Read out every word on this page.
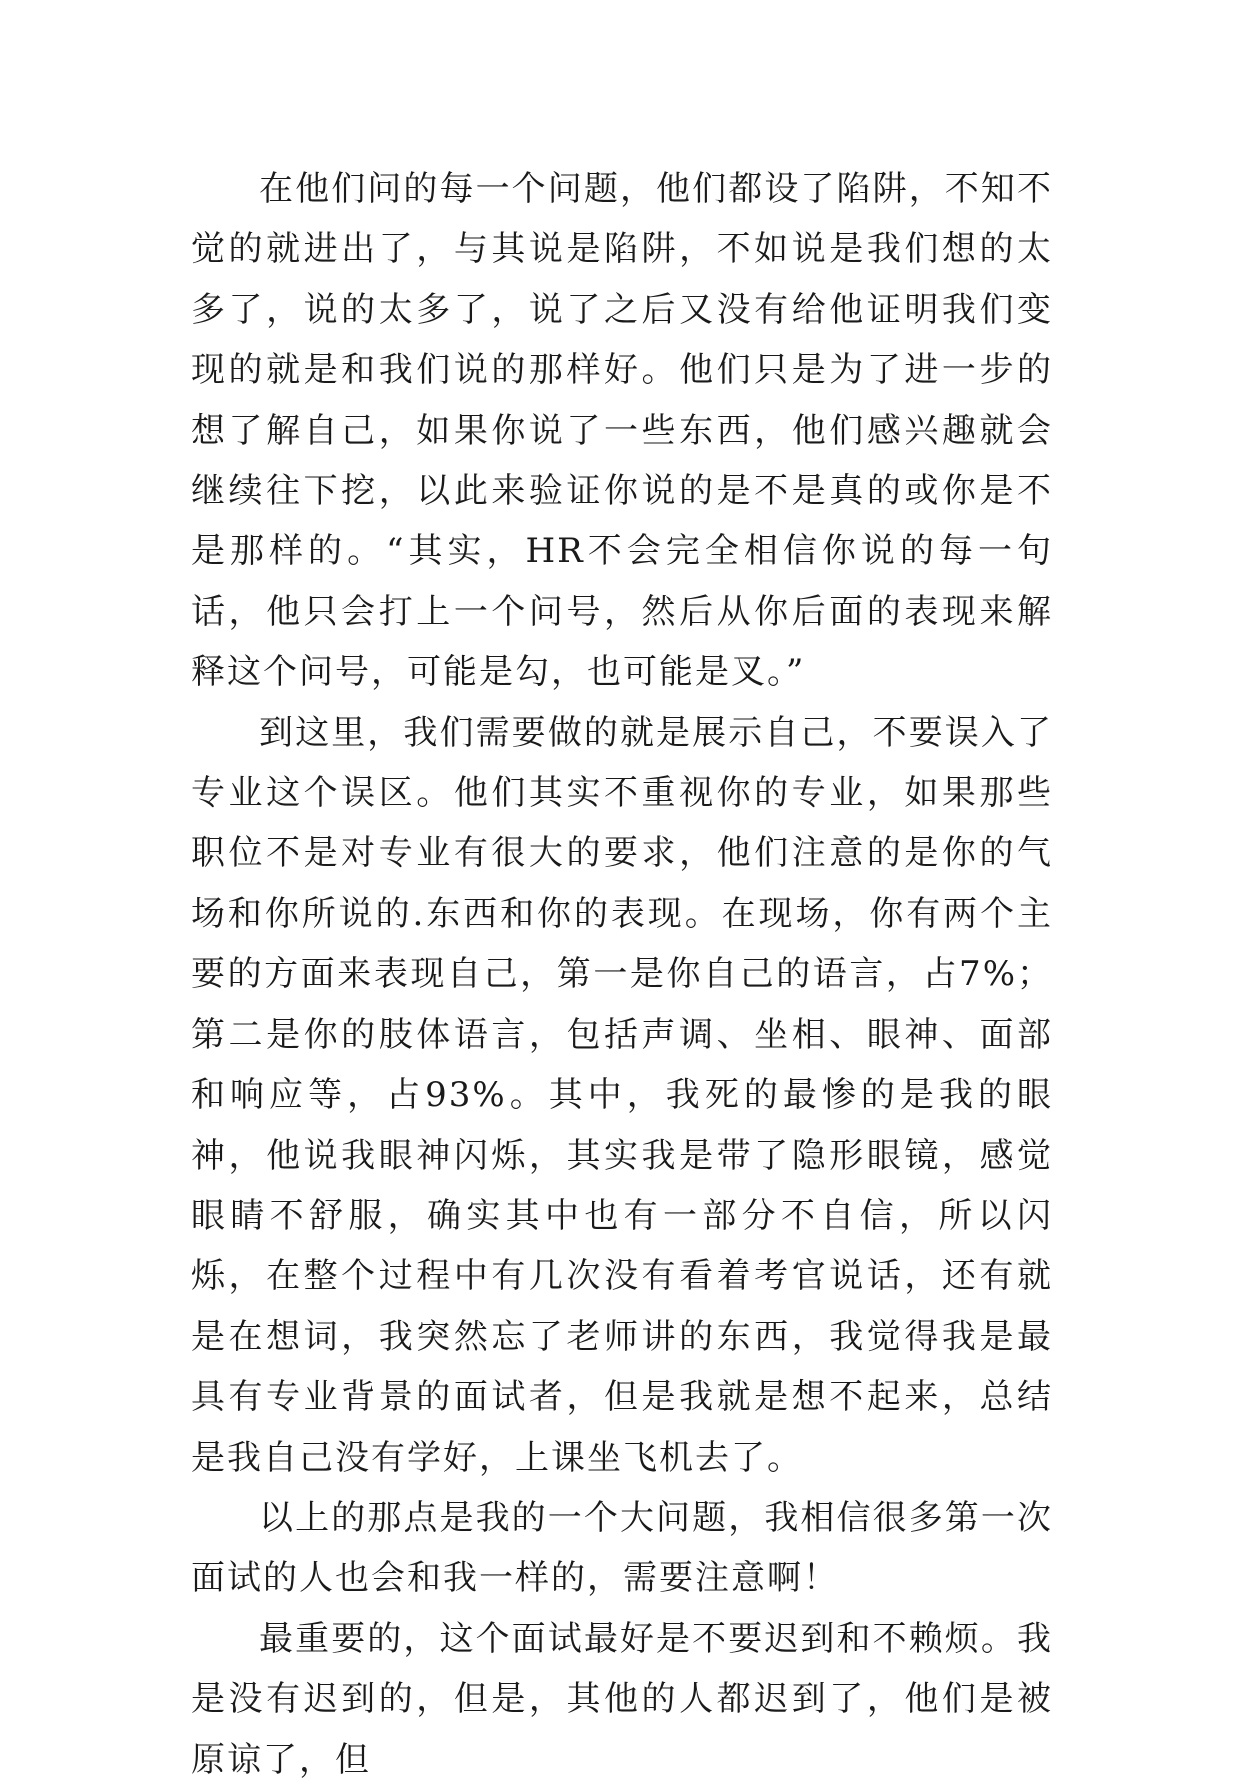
在他们问的每一个问题，他们都设了陷阱，不知不觉的就进出了，与其说是陷阱，不如说是我们想的太多了，说的太多了，说了之后又没有给他证明我们变现的就是和我们说的那样好。他们只是为了进一步的想了解自己，如果你说了一些东西，他们感兴趣就会继续往下挖，以此来验证你说的是不是真的或你是不是那样的。“其实，HR不会完全相信你说的每一句话，他只会打上一个问号，然后从你后面的表现来解释这个问号，可能是勾，也可能是叉。”

到这里，我们需要做的就是展示自己，不要误入了专业这个误区。他们其实不重视你的专业，如果那些职位不是对专业有很大的要求，他们注意的是你的气场和你所说的.东西和你的表现。在现场，你有两个主要的方面来表现自己，第一是你自己的语言，占7%；第二是你的肢体语言，包括声调、坐相、眼神、面部和响应等，占93%。其中，我死的最惨的是我的眼神，他说我眼神闪烁，其实我是带了隐形眼镜，感觉眼睛不舒服，确实其中也有一部分不自信，所以闪烁，在整个过程中有几次没有看着考官说话，还有就是在想词，我突然忘了老师讲的东西，我觉得我是最具有专业背景的面试者，但是我就是想不起来，总结是我自己没有学好，上课坐飞机去了。

以上的那点是我的一个大问题，我相信很多第一次面试的人也会和我一样的，需要注意啊！

最重要的，这个面试最好是不要迟到和不赖烦。我是没有迟到的，但是，其他的人都迟到了，他们是被原谅了，但
